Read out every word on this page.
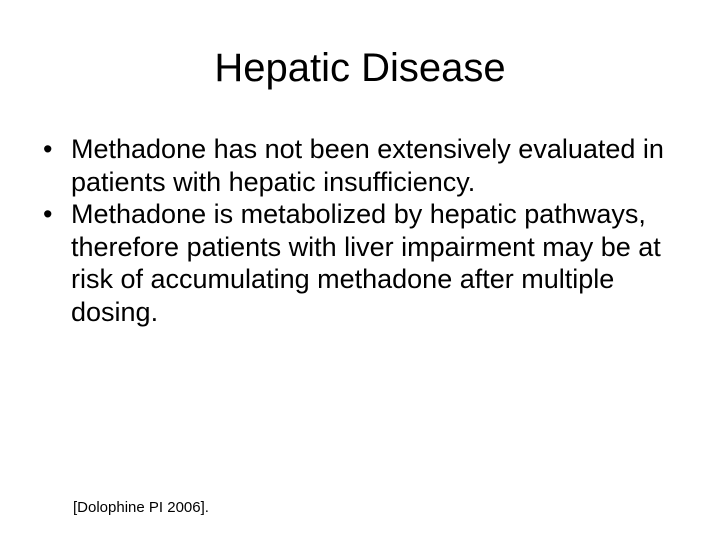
Hepatic Disease
• Methadone has not been extensively evaluated in patients with hepatic insufficiency.
• Methadone is metabolized by hepatic pathways, therefore patients with liver impairment may be at risk of accumulating methadone after multiple dosing.

[Dolophine PI 2006].
